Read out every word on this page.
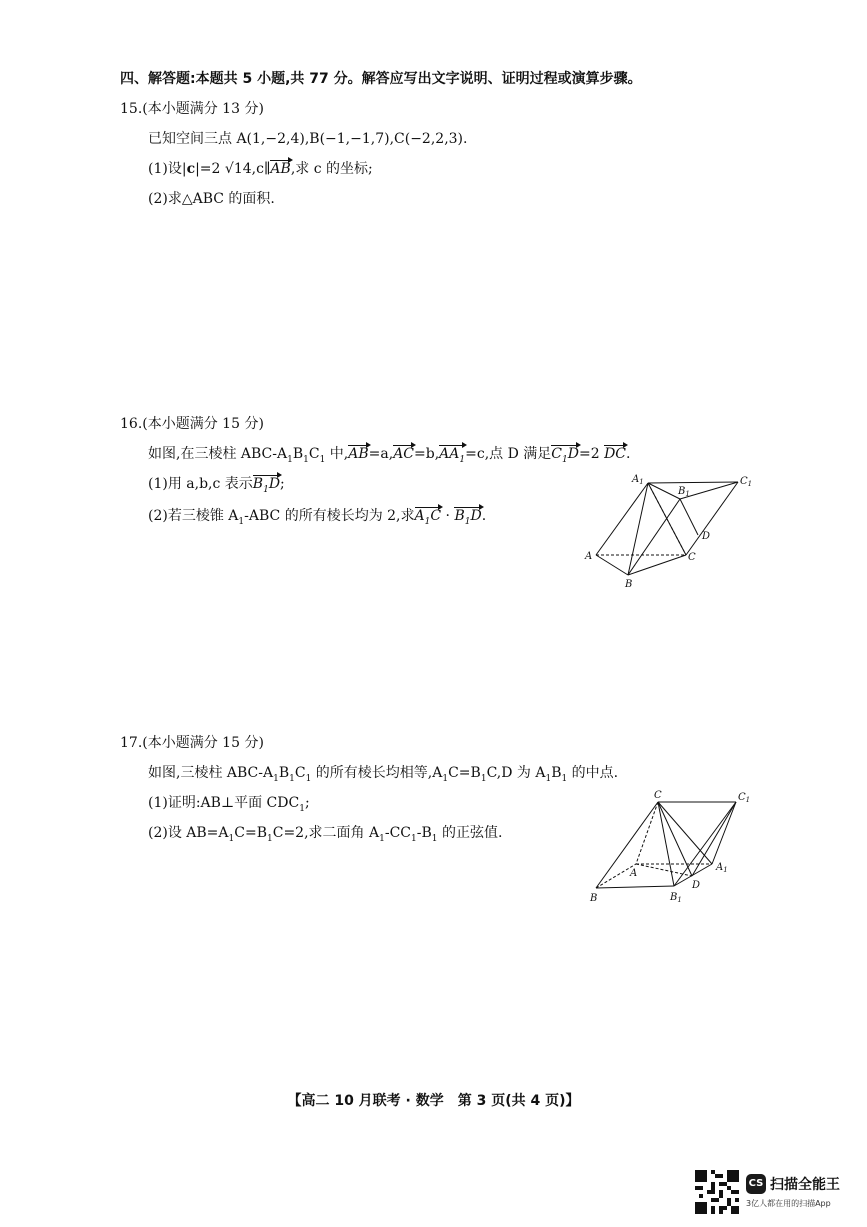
四、解答题:本题共 5 小题,共 77 分。解答应写出文字说明、证明过程或演算步骤。
15.(本小题满分 13 分)
已知空间三点 A(1,−2,4),B(−1,−1,7),C(−2,2,3).
(1)设|c|=2 √14,c∥AB,求 c 的坐标;
(2)求△ABC 的面积.
16.(本小题满分 15 分)
如图,在三棱柱 ABC-$A_1B_1C_1$ 中$,AB=a,AC=b,AA_1=c$,点 D 满足$C_1D=2$ DC.
(1)用 a,b,c 表示$B_1D$;
(2)若三棱锥 $A_1$-ABC 的所有棱长均为 2,求$A_1C \cdot B_1D$.
$A_1$
$B_1$
$C_1$
A
B
C
D
17.(本小题满分 15 分)
如图,三棱柱 ABC-$A_1B_1C_1$ 的所有棱长均相等$,A_1C=B_1C,D$ 为 $A_1B_1$ 的中点.
(1)证明:AB⊥平面 $CDC_1$;
(2)设 $AB=A_1C=B_1C=2$,求二面角 $A_1-CC_1-B_1$ 的正弦值.
C	$C_1$
A
$A_1$
D
B	$B_1$
【高二 10 月联考 · 数学　第 3 页(共 4 页)】
CS 扫描全能王
3亿人都在用的扫描App
